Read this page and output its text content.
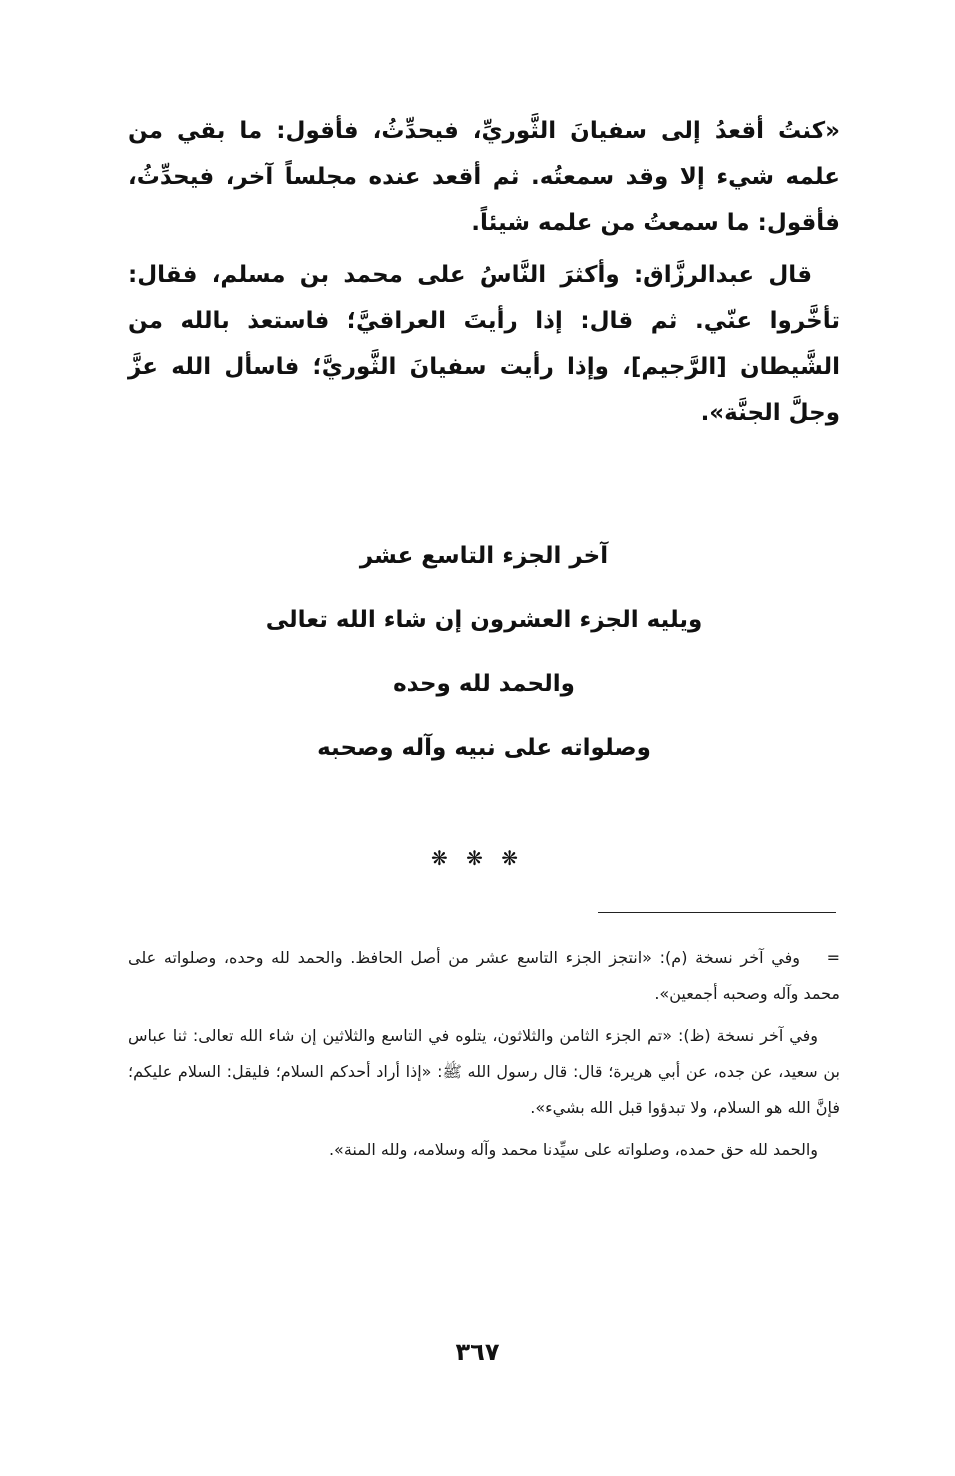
«كنتُ أقعدُ إلى سفيانَ الثَّوريِّ، فيحدِّثُ، فأقول: ما بقي من علمه شيء إلا وقد سمعتُه. ثم أقعد عنده مجلساً آخر، فيحدِّثُ، فأقول: ما سمعتُ من علمه شيئاً.

قال عبدالرزَّاق: وأكثرَ النَّاسُ على محمد بن مسلم، فقال: تأخَّروا عنّي. ثم قال: إذا رأيتَ العراقيَّ؛ فاستعذ بالله من الشَّيطان [الرَّجيم]، وإذا رأيت سفيانَ الثَّوريَّ؛ فاسأل الله عزَّ وجلَّ الجنَّة».

آخر الجزء التاسع عشر
ويليه الجزء العشرون إن شاء الله تعالى
والحمد لله وحده
وصلواته على نبيه وآله وصحبه
❋ ❋ ❋

=وفي آخر نسخة (م): «انتجز الجزء التاسع عشر من أصل الحافظ. والحمد لله وحده، وصلواته على محمد وآله وصحبه أجمعين».

وفي آخر نسخة (ظ): «تم الجزء الثامن والثلاثون، يتلوه في التاسع والثلاثين إن شاء الله تعالى: ثنا عباس بن سعيد، عن جده، عن أبي هريرة؛ قال: قال رسول الله ﷺ: «إذا أراد أحدكم السلام؛ فليقل: السلام عليكم؛ فإنَّ الله هو السلام، ولا تبدؤوا قبل الله بشيء».

والحمد لله حق حمده، وصلواته على سيِّدنا محمد وآله وسلامه، ولله المنة».

٣٦٧
